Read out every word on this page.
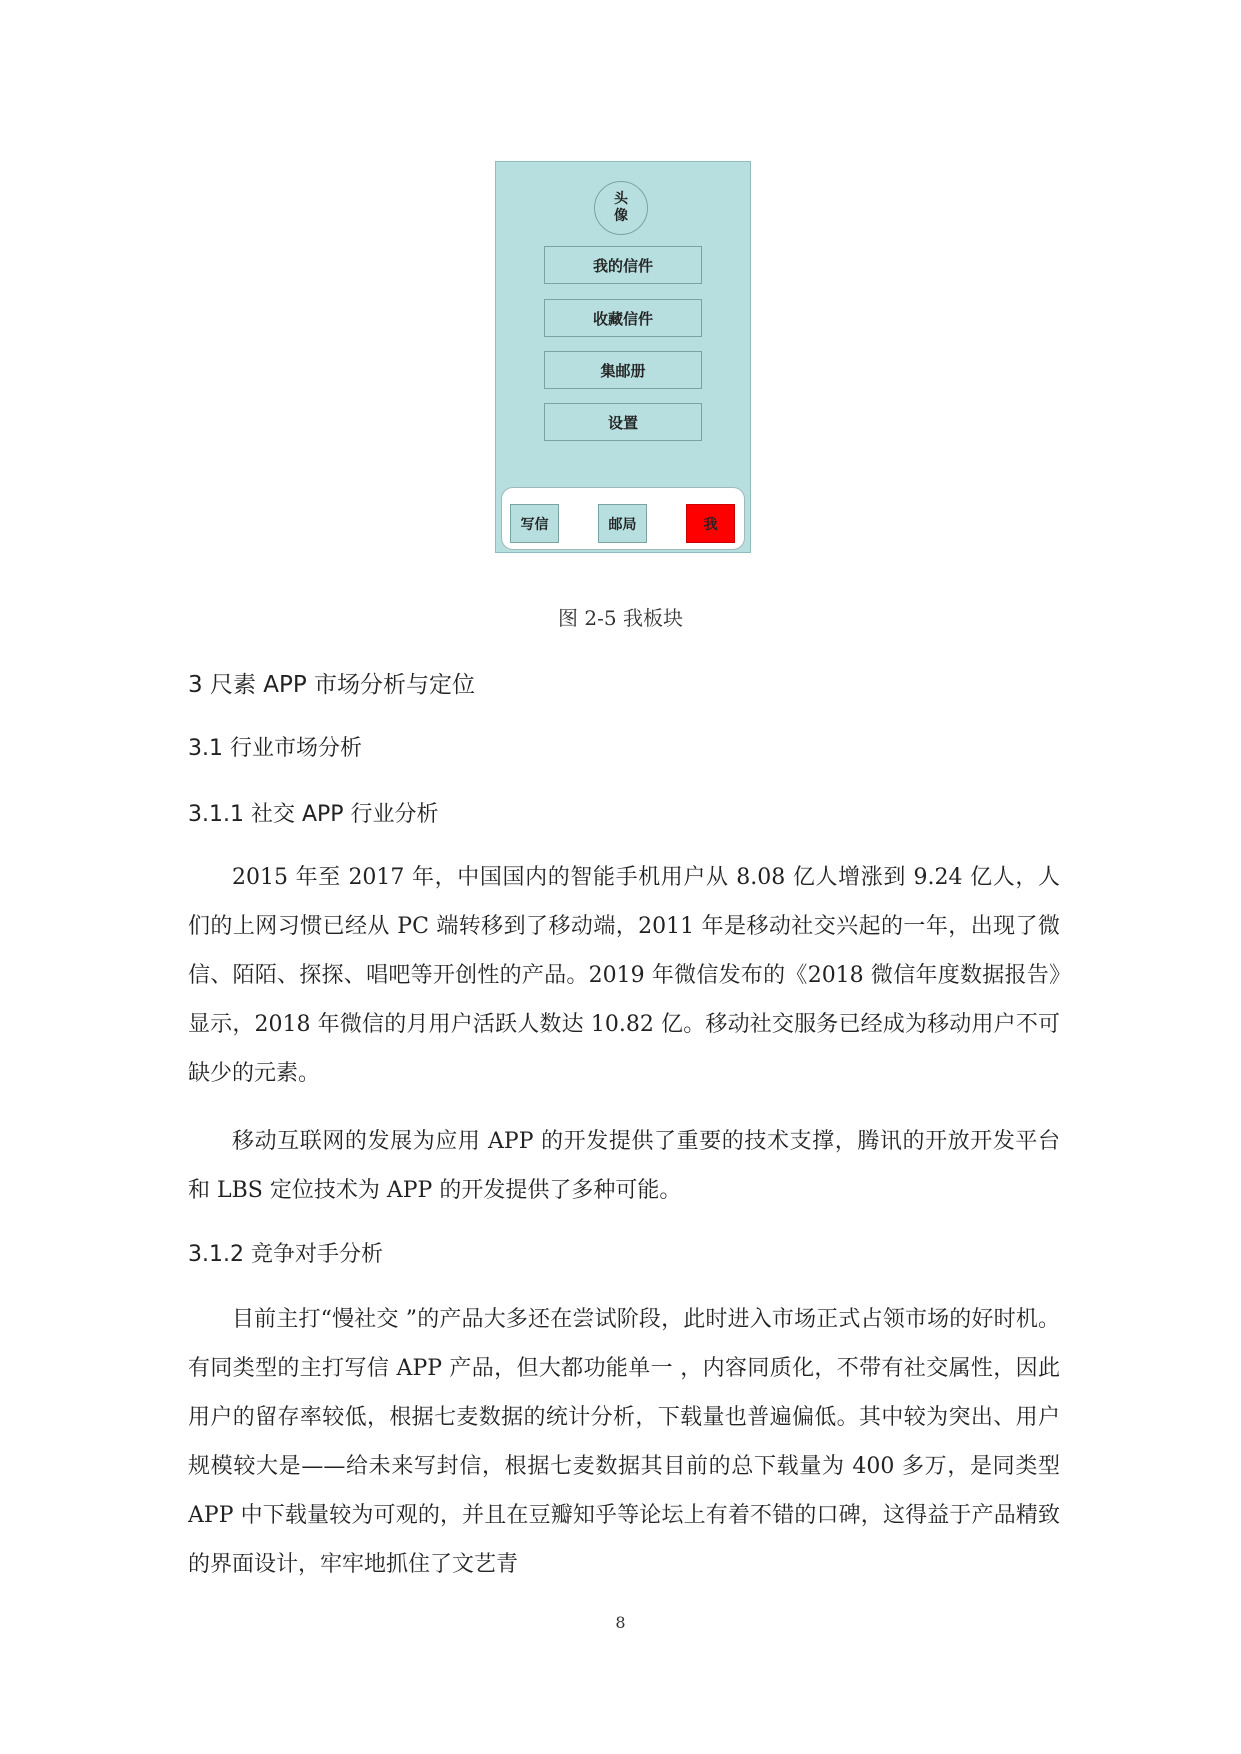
头像
我的信件
收藏信件
集邮册
设置
写信	邮局	我
图 2-5 我板块
3 尺素 APP 市场分析与定位
3.1 行业市场分析
3.1.1 社交 APP 行业分析

2015 年至 2017 年，中国国内的智能手机用户从 8.08 亿人增涨到 9.24 亿人，人们的上网习惯已经从 PC 端转移到了移动端，2011 年是移动社交兴起的一年，出现了微信、陌陌、探探、唱吧等开创性的产品。2019 年微信发布的《2018 微信年度数据报告》显示，2018 年微信的月用户活跃人数达 10.82 亿。移动社交服务已经成为移动用户不可缺少的元素。

移动互联网的发展为应用 APP 的开发提供了重要的技术支撑，腾讯的开放开发平台和 LBS 定位技术为 APP 的开发提供了多种可能。

3.1.2 竞争对手分析

目前主打“慢社交 ”的产品大多还在尝试阶段，此时进入市场正式占领市场的好时机。有同类型的主打写信 APP 产品，但大都功能单一 ，内容同质化，不带有社交属性，因此用户的留存率较低，根据七麦数据的统计分析，下载量也普遍偏低。其中较为突出、用户规模较大是——给未来写封信，根据七麦数据其目前的总下载量为 400 多万，是同类型 APP 中下载量较为可观的，并且在豆瓣知乎等论坛上有着不错的口碑，这得益于产品精致的界面设计，牢牢地抓住了文艺青

8
